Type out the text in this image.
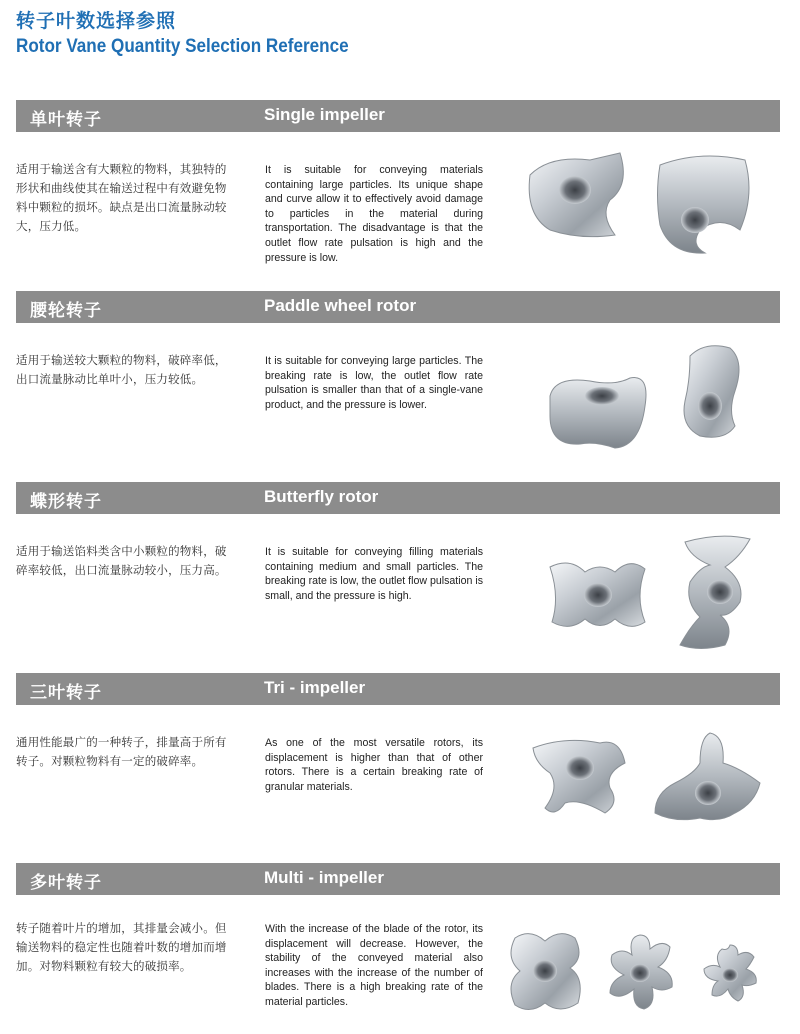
转子叶数选择参照
Rotor Vane Quantity Selection Reference
单叶转子	Single impeller
适用于输送含有大颗粒的物料，其独特的形状和曲线使其在输送过程中有效避免物料中颗粒的损坏。缺点是出口流量脉动较大，压力低。
It is suitable for conveying materials containing large particles. Its unique shape and curve allow it to effectively avoid damage to particles in the material during transportation. The disadvantage is that the outlet flow rate pulsation is high and the pressure is low.
腰轮转子	Paddle wheel rotor
适用于输送较大颗粒的物料，破碎率低，出口流量脉动比单叶小，压力较低。
It is suitable for conveying large particles. The breaking rate is low, the outlet flow rate pulsation is smaller than that of a single-vane product, and the pressure is lower.
蝶形转子	Butterfly rotor
适用于输送馅料类含中小颗粒的物料，破碎率较低，出口流量脉动较小，压力高。
It is suitable for conveying filling materials containing medium and small particles. The breaking rate is low, the outlet flow pulsation is small, and the pressure is high.
三叶转子	Tri - impeller
通用性能最广的一种转子，排量高于所有转子。对颗粒物料有一定的破碎率。
As one of the most versatile rotors, its displacement is higher than that of other rotors. There is a certain breaking rate of granular materials.
多叶转子	Multi - impeller
转子随着叶片的增加，其排量会减小。但输送物料的稳定性也随着叶数的增加而增加。对物料颗粒有较大的破损率。
With the increase of the blade of the rotor, its displacement will decrease. However, the stability of the conveyed material also increases with the increase of the number of blades. There is a high breaking rate of the material particles.
